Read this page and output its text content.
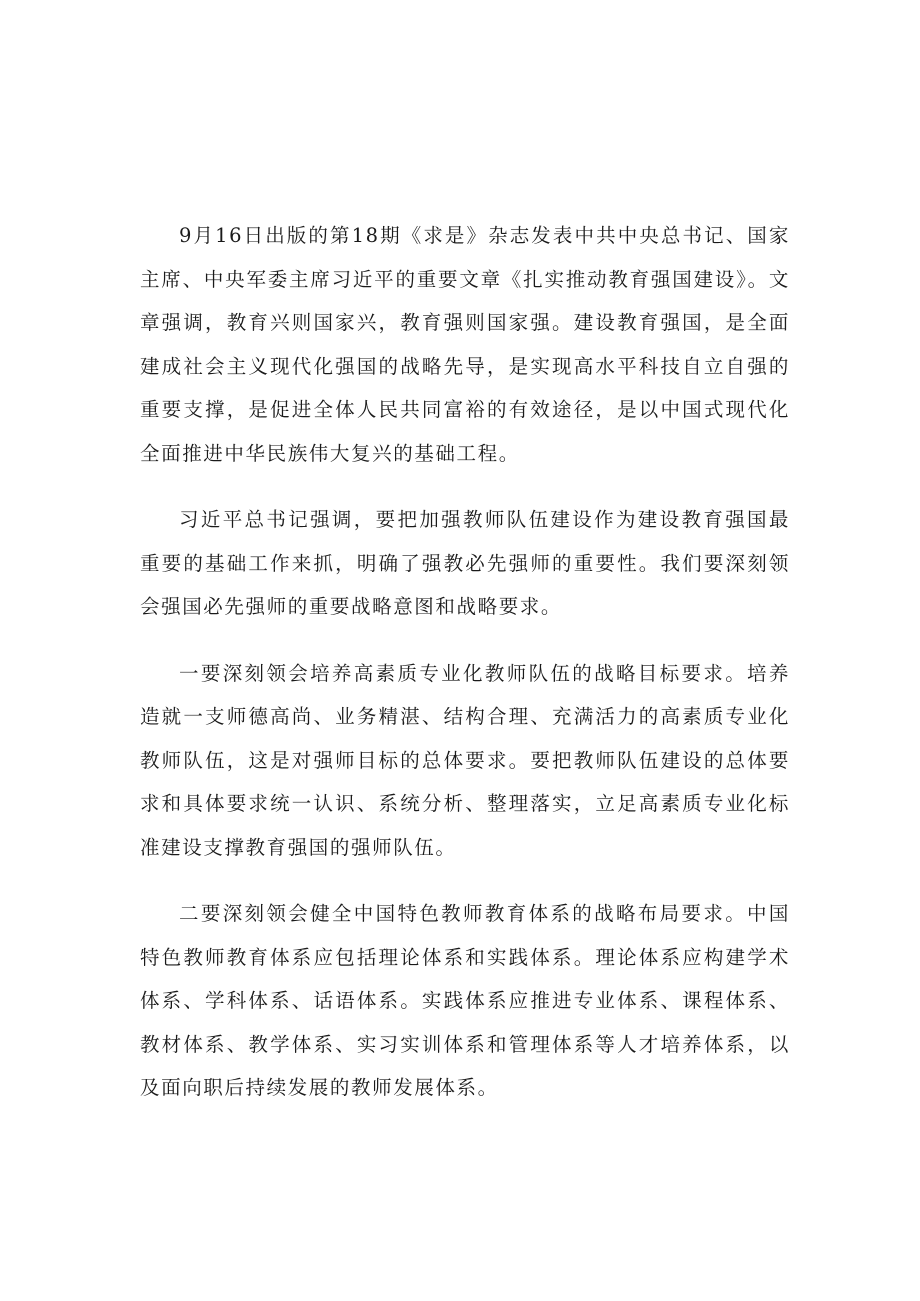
9月16日出版的第18期《求是》杂志发表中共中央总书记、国家主席、中央军委主席习近平的重要文章《扎实推动教育强国建设》。文章强调，教育兴则国家兴，教育强则国家强。建设教育强国，是全面建成社会主义现代化强国的战略先导，是实现高水平科技自立自强的重要支撑，是促进全体人民共同富裕的有效途径，是以中国式现代化全面推进中华民族伟大复兴的基础工程。

习近平总书记强调，要把加强教师队伍建设作为建设教育强国最重要的基础工作来抓，明确了强教必先强师的重要性。我们要深刻领会强国必先强师的重要战略意图和战略要求。

一要深刻领会培养高素质专业化教师队伍的战略目标要求。培养造就一支师德高尚、业务精湛、结构合理、充满活力的高素质专业化教师队伍，这是对强师目标的总体要求。要把教师队伍建设的总体要求和具体要求统一认识、系统分析、整理落实，立足高素质专业化标准建设支撑教育强国的强师队伍。

二要深刻领会健全中国特色教师教育体系的战略布局要求。中国特色教师教育体系应包括理论体系和实践体系。理论体系应构建学术体系、学科体系、话语体系。实践体系应推进专业体系、课程体系、教材体系、教学体系、实习实训体系和管理体系等人才培养体系，以及面向职后持续发展的教师发展体系。
